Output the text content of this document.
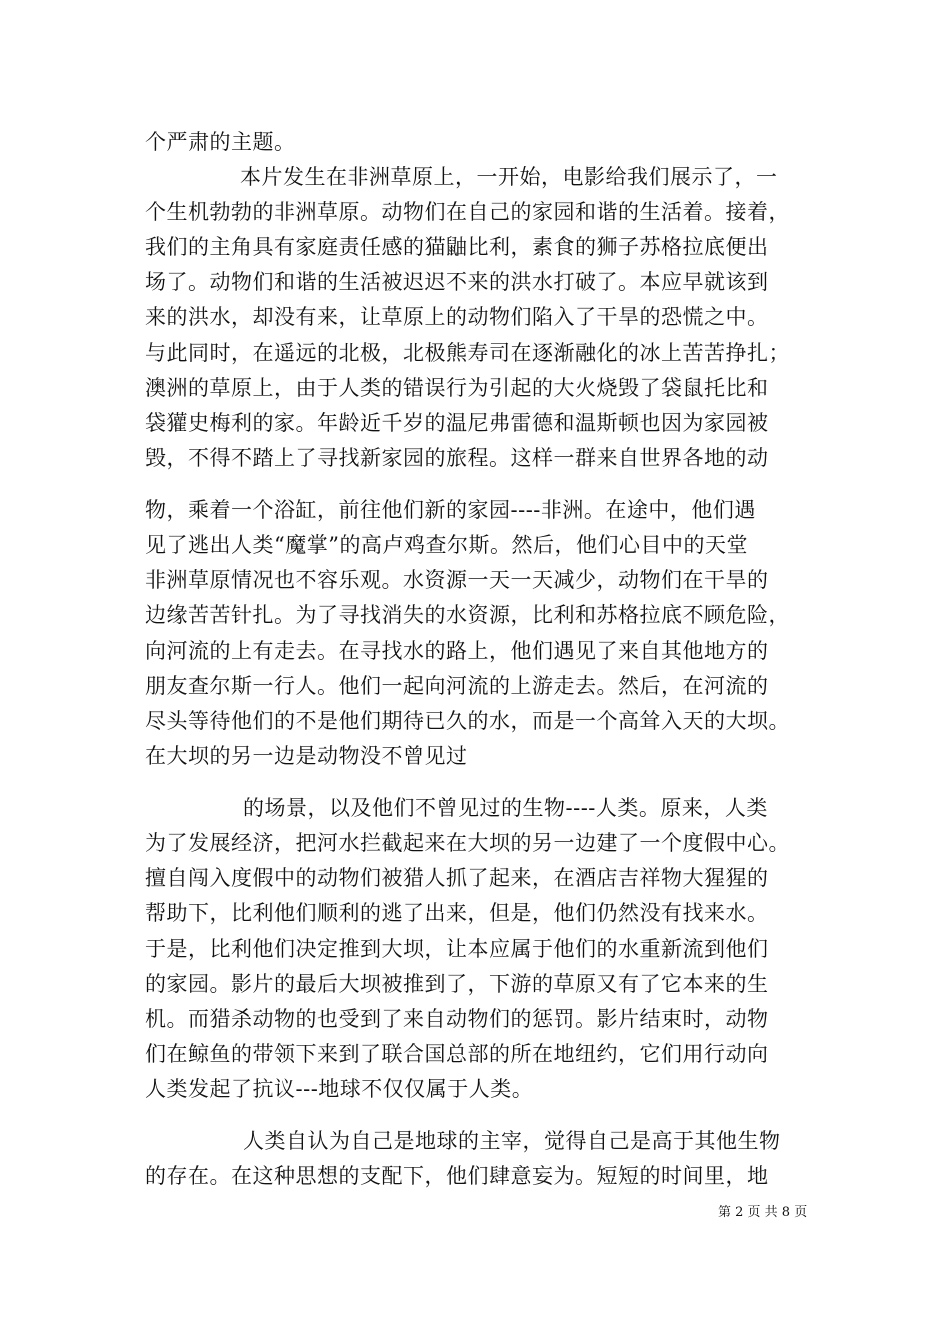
个严肃的主题。
本片发生在非洲草原上，一开始，电影给我们展示了，一
个生机勃勃的非洲草原。动物们在自己的家园和谐的生活着。接着，
我们的主角具有家庭责任感的猫鼬比利，素食的狮子苏格拉底便出
场了。动物们和谐的生活被迟迟不来的洪水打破了。本应早就该到
来的洪水，却没有来，让草原上的动物们陷入了干旱的恐慌之中。
与此同时，在遥远的北极，北极熊寿司在逐渐融化的冰上苦苦挣扎；
澳洲的草原上，由于人类的错误行为引起的大火烧毁了袋鼠托比和
袋獾史梅利的家。年龄近千岁的温尼弗雷德和温斯顿也因为家园被
毁，不得不踏上了寻找新家园的旅程。这样一群来自世界各地的动
物，乘着一个浴缸，前往他们新的家园----非洲。在途中，他们遇
见了逃出人类“魔掌”的高卢鸡查尔斯。然后，他们心目中的天堂
非洲草原情况也不容乐观。水资源一天一天减少，动物们在干旱的
边缘苦苦针扎。为了寻找消失的水资源，比利和苏格拉底不顾危险，
向河流的上有走去。在寻找水的路上，他们遇见了来自其他地方的
朋友查尔斯一行人。他们一起向河流的上游走去。然后，在河流的
尽头等待他们的不是他们期待已久的水，而是一个高耸入天的大坝。
在大坝的另一边是动物没不曾见过
的场景，以及他们不曾见过的生物----人类。原来，人类
为了发展经济，把河水拦截起来在大坝的另一边建了一个度假中心。
擅自闯入度假中的动物们被猎人抓了起来，在酒店吉祥物大猩猩的
帮助下，比利他们顺利的逃了出来，但是，他们仍然没有找来水。
于是，比利他们决定推到大坝，让本应属于他们的水重新流到他们
的家园。影片的最后大坝被推到了，下游的草原又有了它本来的生
机。而猎杀动物的也受到了来自动物们的惩罚。影片结束时，动物
们在鲸鱼的带领下来到了联合国总部的所在地纽约，它们用行动向
人类发起了抗议---地球不仅仅属于人类。
人类自认为自己是地球的主宰，觉得自己是高于其他生物
的存在。在这种思想的支配下，他们肆意妄为。短短的时间里，地
第 2 页 共 8 页
